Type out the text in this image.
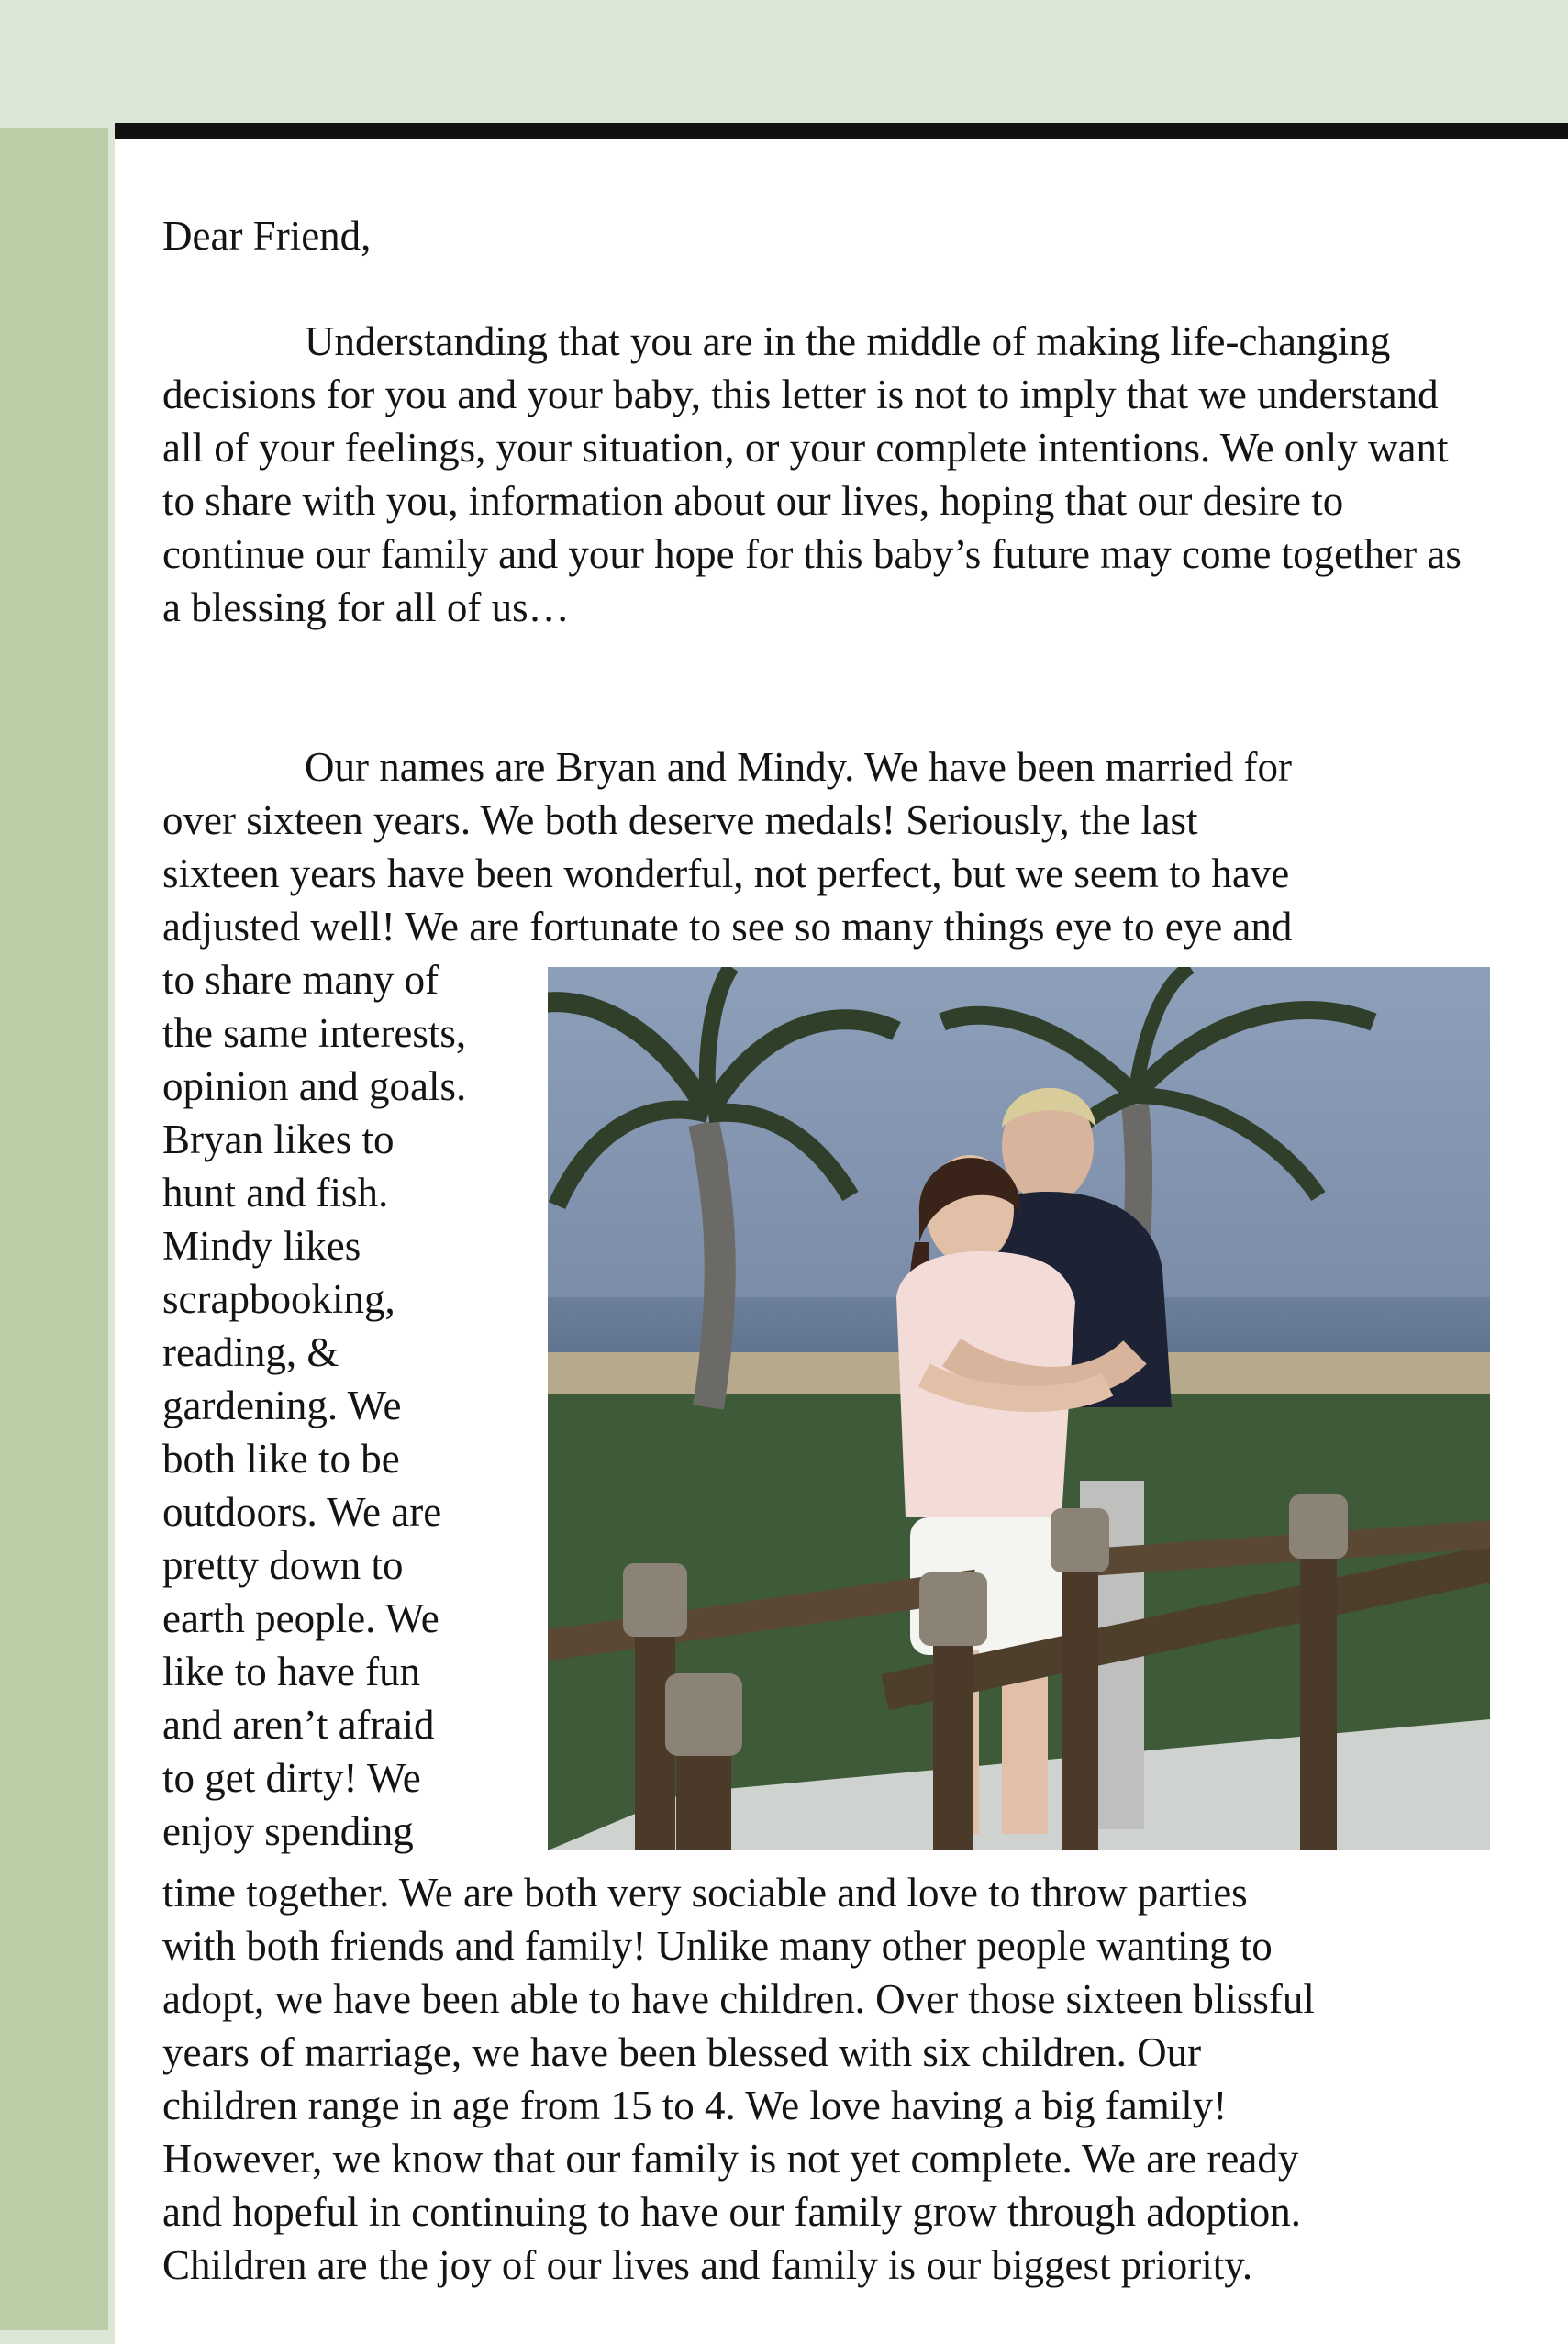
Dear Friend,

Understanding that you are in the middle of making life-changing decisions for you and your baby, this letter is not to imply that we understand all of your feelings, your situation, or your complete intentions. We only want to share with you, information about our lives, hoping that our desire to continue our family and your hope for this baby’s future may come together as a blessing for all of us…

Our names are Bryan and Mindy. We have been married for

over sixteen years. We both deserve medals! Seriously, the last

sixteen years have been wonderful, not perfect, but we seem to have

adjusted well! We are fortunate to see so many things eye to eye and

to share many of

the same interests,

opinion and goals.

Bryan likes to

hunt and fish.

Mindy likes

scrapbooking,

reading, &

gardening. We

both like to be

outdoors. We are

pretty down to

earth people. We

like to have fun

and aren’t afraid

to get dirty! We

enjoy spending

time together. We are both very sociable and love to throw parties

with both friends and family! Unlike many other people wanting to

adopt, we have been able to have children. Over those sixteen blissful

years of marriage, we have been blessed with six children. Our

children range in age from 15 to 4. We love having a big family!

However, we know that our family is not yet complete. We are ready

and hopeful in continuing to have our family grow through adoption.

Children are the joy of our lives and family is our biggest priority.
